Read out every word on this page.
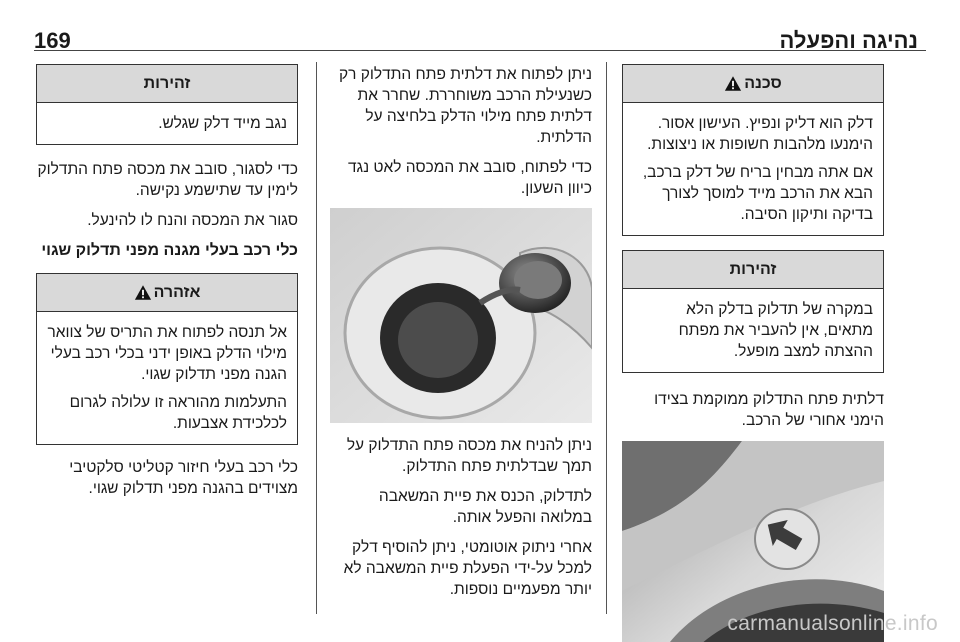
נהיגה והפעלה
169
סכנה

דלק הוא דליק ונפיץ. העישון אסור. הימנעו מלהבות חשופות או ניצוצות.

אם אתה מבחין בריח של דלק ברכב, הבא את הרכב מייד למוסך לצורך בדיקה ותיקון הסיבה.

זהירות

במקרה של תדלוק בדלק הלא מתאים, אין להעביר את מפתח ההצתה למצב מופעל.

דלתית פתח התדלוק ממוקמת בצידו הימני אחורי של הרכב.

ניתן לפתוח את דלתית פתח התדלוק רק כשנעילת הרכב משוחררת. שחרר את דלתית פתח מילוי הדלק בלחיצה על הדלתית.

כדי לפתוח, סובב את המכסה לאט נגד כיוון השעון.

ניתן להניח את מכסה פתח התדלוק על תמך שבדלתית פתח התדלוק.

לתדלוק, הכנס את פיית המשאבה במלואה והפעל אותה.

אחרי ניתוק אוטומטי, ניתן להוסיף דלק למכל על-ידי הפעלת פיית המשאבה לא יותר מפעמיים נוספות.

זהירות

נגב מייד דלק שגלש.

כדי לסגור, סובב את מכסה פתח התדלוק לימין עד שתישמע נקישה.

סגור את המכסה והנח לו להינעל.

כלי רכב בעלי מגנה מפני תדלוק שגוי
אזהרה

אל תנסה לפתוח את התריס של צוואר מילוי הדלק באופן ידני בכלי רכב בעלי הגנה מפני תדלוק שגוי.

התעלמות מהוראה זו עלולה לגרום לכלכידת אצבעות.

כלי רכב בעלי חיזור קטליטי סלקטיבי מצוידים בהגנה מפני תדלוק שגוי.

carmanualsonline.info
